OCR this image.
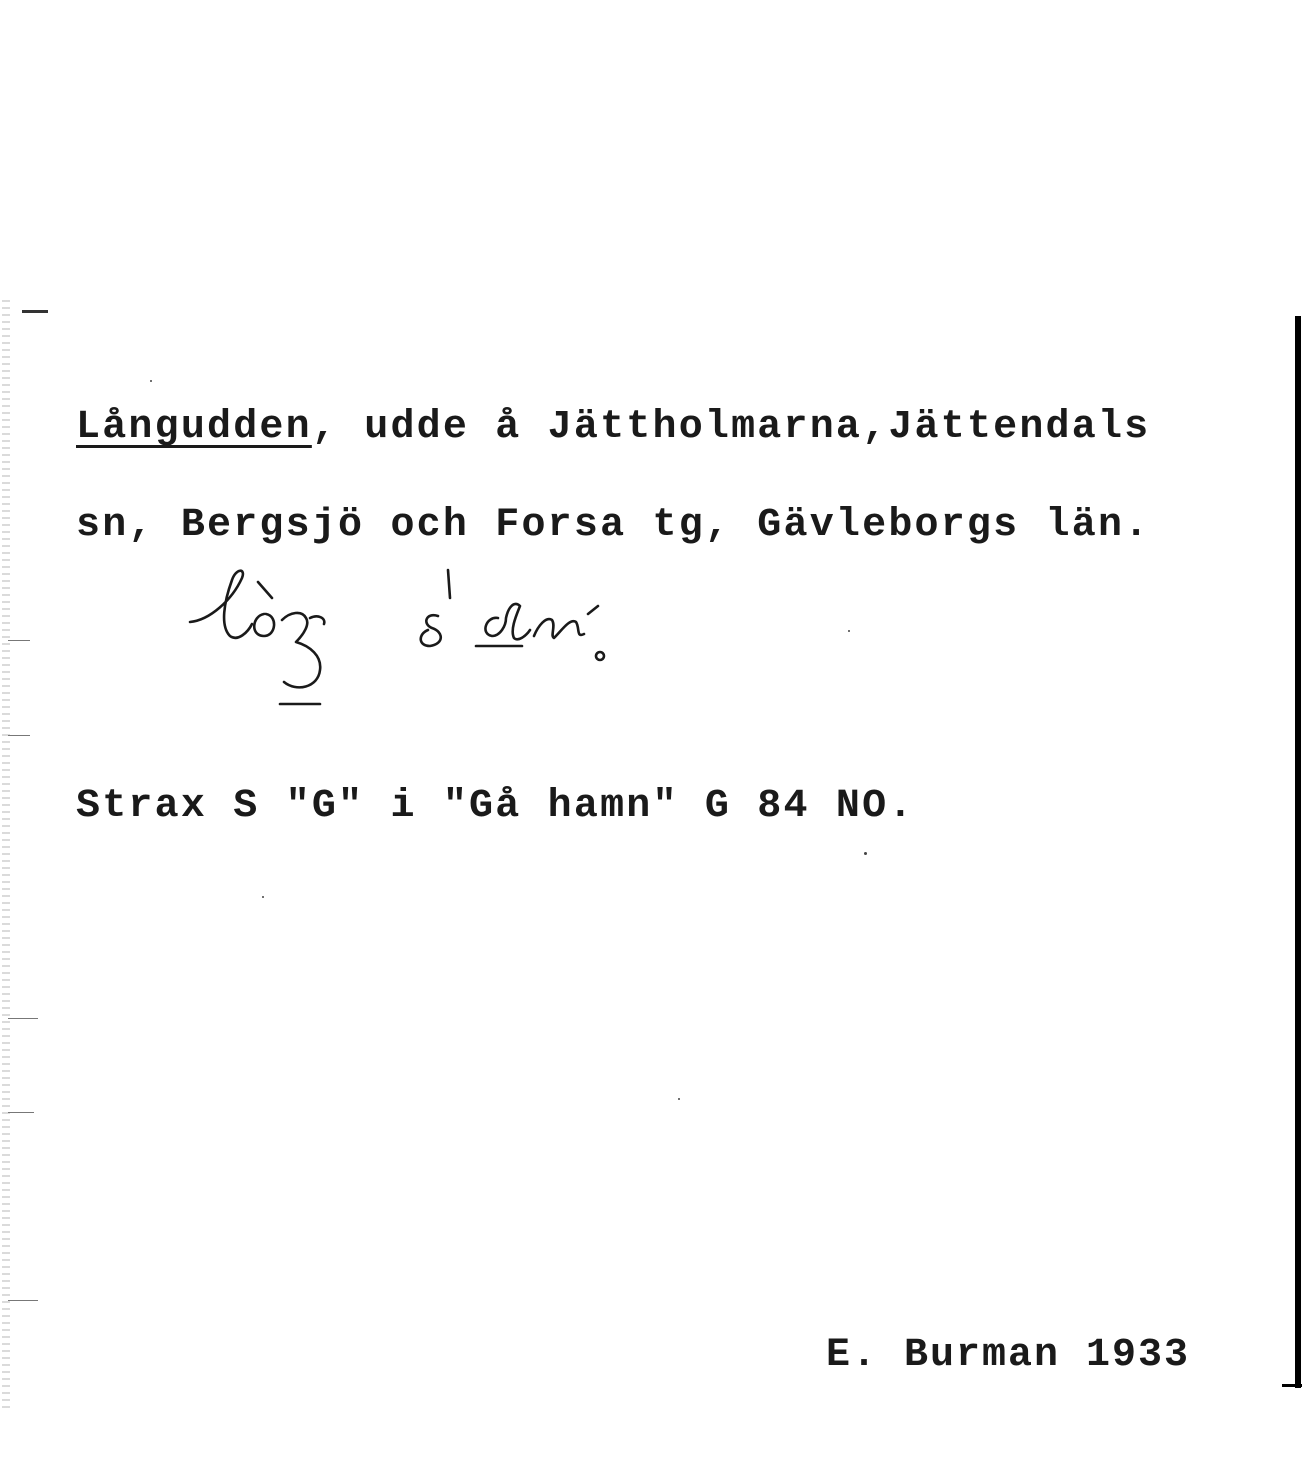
Långudden, udde å Jättholmarna,Jättendals
sn, Bergsjö och Forsa tg, Gävleborgs län.
Strax S "G" i "Gå hamn" G 84 NO.
E. Burman 1933
